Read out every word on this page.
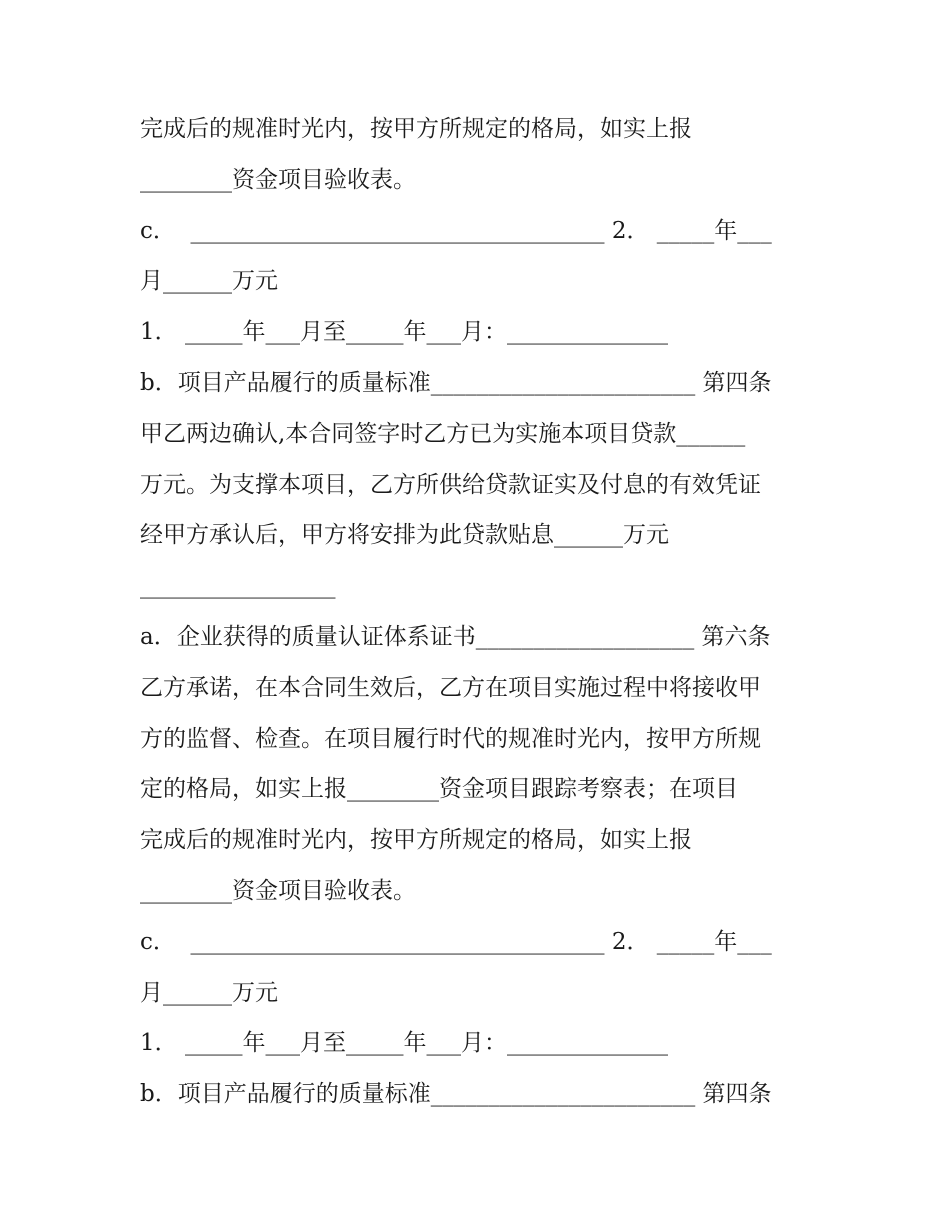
完成后的规准时光内，按甲方所规定的格局，如实上报
________资金项目验收表。
c．  ____________________________________ 2． _____年___
月______万元
1． _____年___月至_____年___月：______________
b．项目产品履行的质量标准_______________________ 第四条
甲乙两边确认,本合同签字时乙方已为实施本项目贷款______
万元。为支撑本项目，乙方所供给贷款证实及付息的有效凭证
经甲方承认后，甲方将安排为此贷款贴息______万元
_________________
a．企业获得的质量认证体系证书___________________ 第六条
乙方承诺，在本合同生效后，乙方在项目实施过程中将接收甲
方的监督、检查。在项目履行时代的规准时光内，按甲方所规
定的格局，如实上报________资金项目跟踪考察表；在项目
完成后的规准时光内，按甲方所规定的格局，如实上报
________资金项目验收表。
c．  ____________________________________ 2． _____年___
月______万元
1． _____年___月至_____年___月：______________
b．项目产品履行的质量标准_______________________ 第四条
